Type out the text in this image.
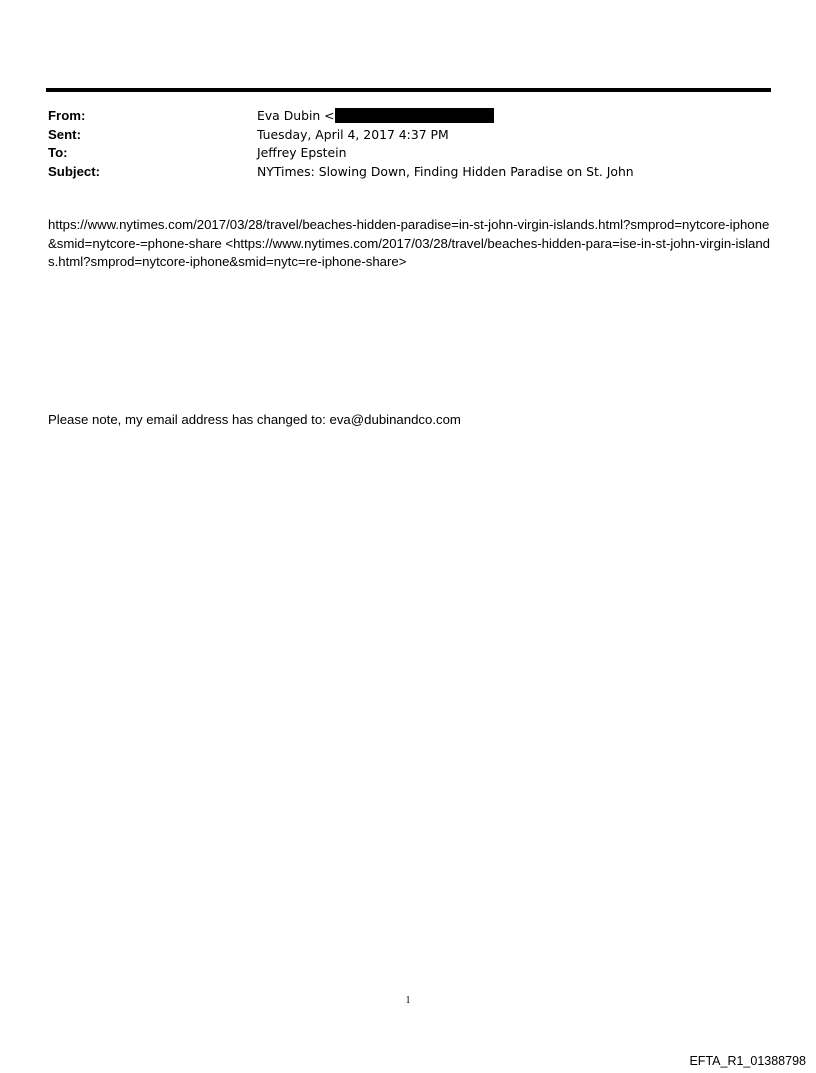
From:	Eva Dubin <
Sent:	Tuesday, April 4, 2017 4:37 PM
To:	Jeffrey Epstein
Subject:	NYTimes: Slowing Down, Finding Hidden Paradise on St. John
https://www.nytimes.com/2017/03/28/travel/beaches-hidden-paradise=in-st-john-virgin-islands.html?smprod=nytcore-iphone&smid=nytcore-=phone-share <https://www.nytimes.com/2017/03/28/travel/beaches-hidden-para=ise-in-st-john-virgin-islands.html?smprod=nytcore-iphone&smid=nytc=re-iphone-share>
Please note, my email address has changed to: eva@dubinandco.com
1
EFTA_R1_01388798
